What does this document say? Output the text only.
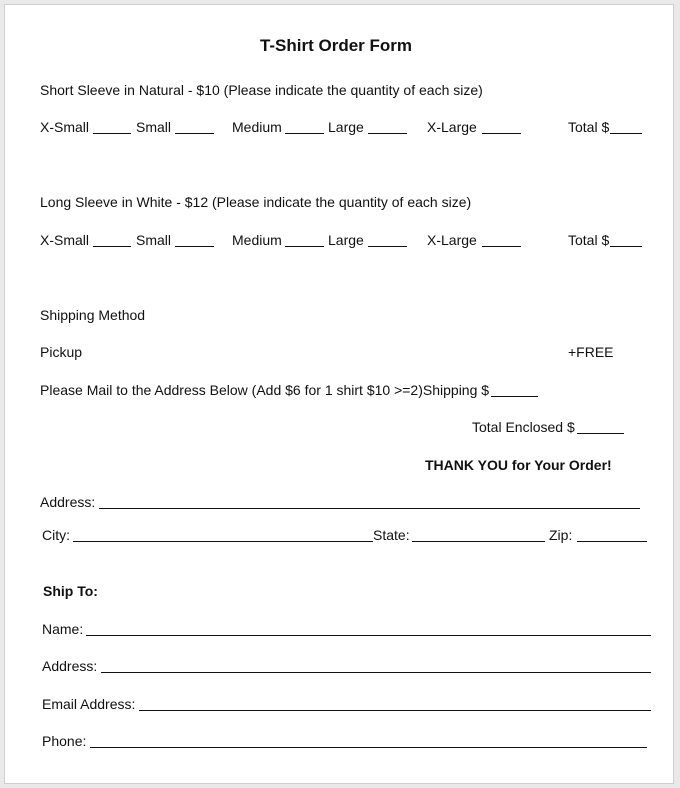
T-Shirt Order Form
Short Sleeve in Natural - $10 (Please indicate the quantity of each size)
X-Small	Small	Medium	Large	X-Large	Total $
Long Sleeve in White - $12 (Please indicate the quantity of each size)
X-Small	Small	Medium	Large	X-Large	Total $
Shipping Method
Pickup	+FREE
Please Mail to the Address Below (Add $6 for 1 shirt $10 >=2)Shipping $
Total Enclosed $
THANK YOU for Your Order!
Address:
City:	State:	Zip:
Ship To:
Name:
Address:
Email Address:
Phone:
